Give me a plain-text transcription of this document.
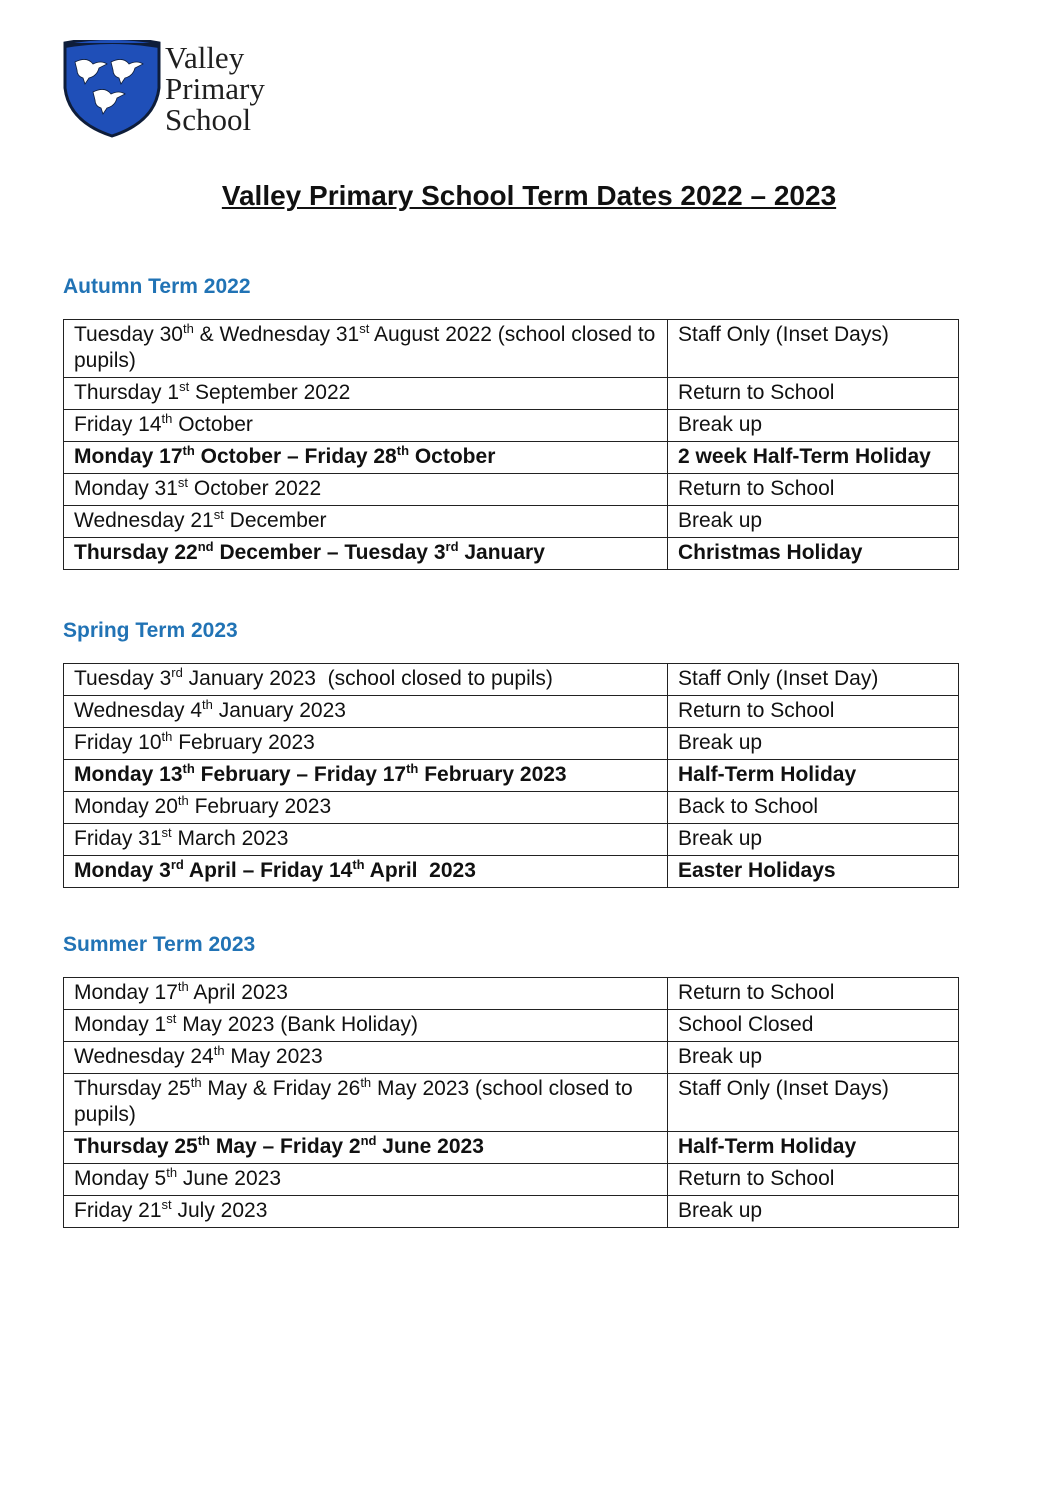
Valley
Primary
School
Valley Primary School Term Dates 2022 – 2023
Autumn Term 2022
Tuesday 30th & Wednesday 31st August 2022 (school closed to pupils)	Staff Only (Inset Days)
Thursday 1st September 2022	Return to School
Friday 14th October	Break up
Monday 17th October – Friday 28th October	2 week Half-Term Holiday
Monday 31st October 2022	Return to School
Wednesday 21st December	Break up
Thursday 22nd December – Tuesday 3rd January	Christmas Holiday
Spring Term 2023
Tuesday 3rd January 2023  (school closed to pupils)	Staff Only (Inset Day)
Wednesday 4th January 2023	Return to School
Friday 10th February 2023	Break up
Monday 13th February – Friday 17th February 2023	Half-Term Holiday
Monday 20th February 2023	Back to School
Friday 31st March 2023	Break up
Monday 3rd April – Friday 14th April  2023	Easter Holidays
Summer Term 2023
Monday 17th April 2023	Return to School
Monday 1st May 2023 (Bank Holiday)	School Closed
Wednesday 24th May 2023	Break up
Thursday 25th May & Friday 26th May 2023 (school closed to pupils)	Staff Only (Inset Days)
Thursday 25th May – Friday 2nd June 2023	Half-Term Holiday
Monday 5th June 2023	Return to School
Friday 21st July 2023	Break up
